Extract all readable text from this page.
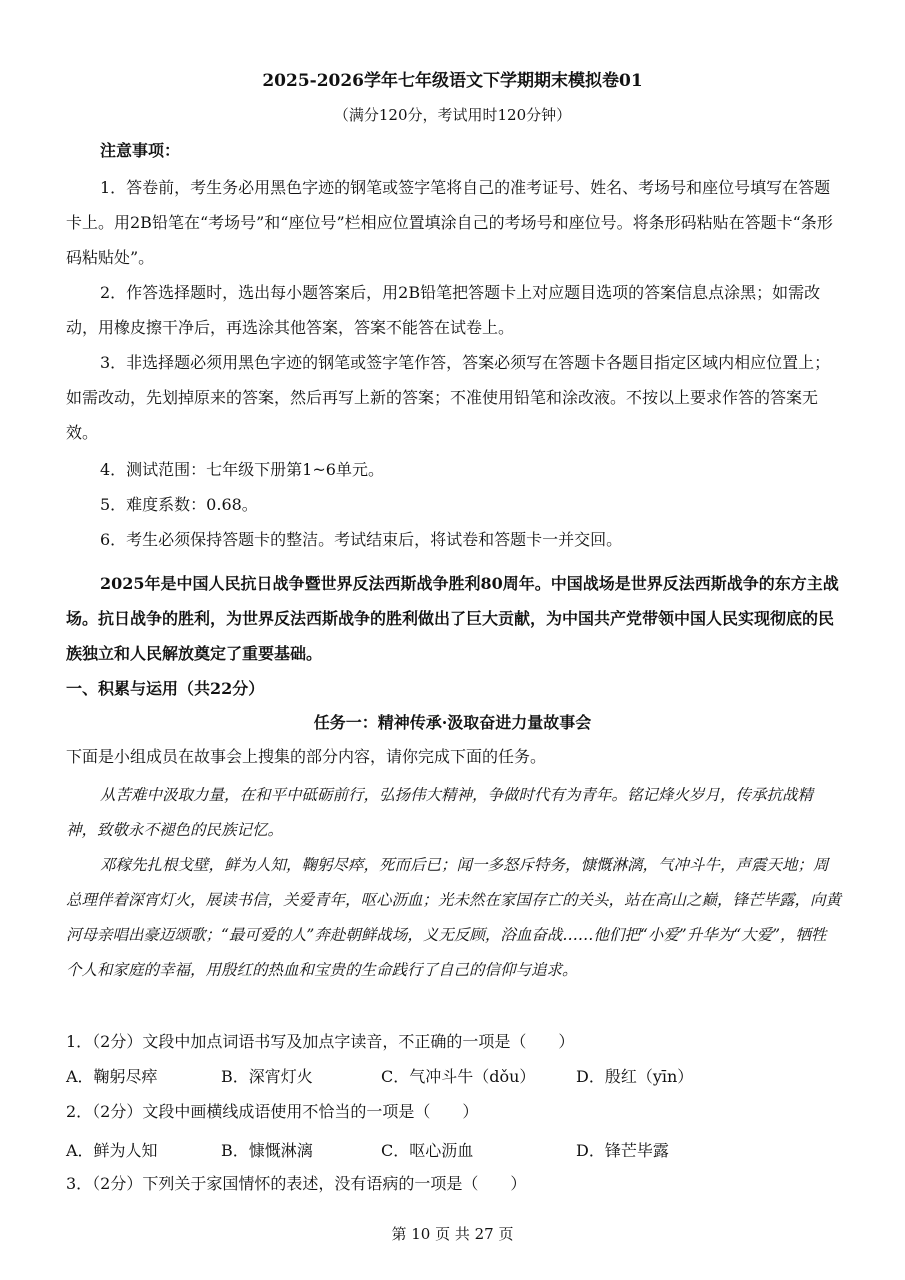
2025-2026学年七年级语文下学期期末模拟卷01
（满分120分，考试用时120分钟）
注意事项：

1．答卷前，考生务必用黑色字迹的钢笔或签字笔将自己的准考证号、姓名、考场号和座位号填写在答题卡上。用2B铅笔在“考场号”和“座位号”栏相应位置填涂自己的考场号和座位号。将条形码粘贴在答题卡“条形码粘贴处”。

2．作答选择题时，选出每小题答案后，用2B铅笔把答题卡上对应题目选项的答案信息点涂黑；如需改动，用橡皮擦干净后，再选涂其他答案，答案不能答在试卷上。

3．非选择题必须用黑色字迹的钢笔或签字笔作答，答案必须写在答题卡各题目指定区域内相应位置上；如需改动，先划掉原来的答案，然后再写上新的答案；不准使用铅笔和涂改液。不按以上要求作答的答案无效。

4．测试范围：七年级下册第1~6单元。

5．难度系数：0.68。

6．考生必须保持答题卡的整洁。考试结束后，将试卷和答题卡一并交回。

2025年是中国人民抗日战争暨世界反法西斯战争胜利80周年。中国战场是世界反法西斯战争的东方主战场。抗日战争的胜利，为世界反法西斯战争的胜利做出了巨大贡献，为中国共产党带领中国人民实现彻底的民族独立和人民解放奠定了重要基础。

一、积累与运用（共22分）
任务一：精神传承·汲取奋进力量故事会
下面是小组成员在故事会上搜集的部分内容，请你完成下面的任务。

从苦难中汲取力量，在和平中砥砺前行，弘扬伟大精神，争做时代有为青年。铭记烽火岁月，传承抗战精神，致敬永不褪色的民族记忆。

邓稼先扎根戈壁，鲜为人知，鞠躬尽瘁，死而后已；闻一多怒斥特务，慷慨淋漓，气冲斗牛，声震天地；周总理伴着深宵灯火，展读书信，关爱青年，呕心沥血；光未然在家国存亡的关头，站在高山之巅，锋芒毕露，向黄河母亲唱出豪迈颂歌；“最可爱的人”奔赴朝鲜战场，义无反顾，浴血奋战……他们把“小爱”升华为“大爱”，牺牲个人和家庭的幸福，用殷红的热血和宝贵的生命践行了自己的信仰与追求。

1．（2分）文段中加点词语书写及加点字读音，不正确的一项是（　　）
A．鞠躬尽瘁	B．深宵灯火	C．气冲斗牛（dǒu）	D．殷红（yīn）
2．（2分）文段中画横线成语使用不恰当的一项是（　　）
A．鲜为人知	B．慷慨淋漓	C．呕心沥血	D．锋芒毕露
3．（2分）下列关于家国情怀的表述，没有语病的一项是（　　）
第 10 页 共 27 页
